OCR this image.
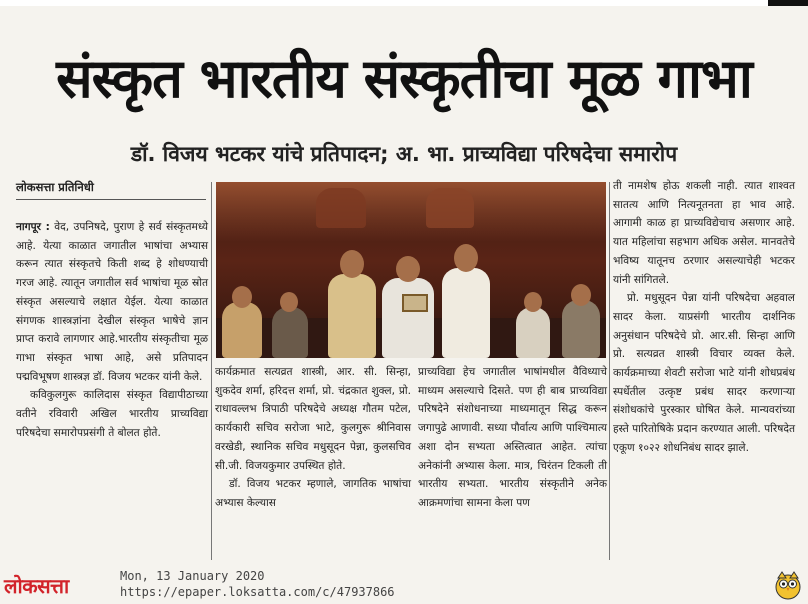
संस्कृत भारतीय संस्कृतीचा मूळ गाभा
डॉ. विजय भटकर यांचे प्रतिपादन; अ. भा. प्राच्यविद्या परिषदेचा समारोप
लोकसत्ता प्रतिनिधी

नागपूर : वेद, उपनिषदे, पुराण हे सर्व संस्कृतमध्ये आहे. येत्या काळात जगातील भाषांचा अभ्यास करून त्यात संस्कृतचे किती शब्द हे शोधण्याची गरज आहे. त्यातून जगातील सर्व भाषांचा मूळ स्रोत संस्कृत असल्याचे लक्षात येईल. येत्या काळात संगणक शास्त्रज्ञांना देखील संस्कृत भाषेचे ज्ञान प्राप्त करावे लागणार आहे.भारतीय संस्कृतीचा मूळ गाभा संस्कृत भाषा आहे, असे प्रतिपादन पद्मविभूषण शास्त्रज्ञ डॉ. विजय भटकर यांनी केले.

कविकुलगुरू कालिदास संस्कृत विद्यापीठाच्या वतीने रविवारी अखिल भारतीय प्राच्यविद्या परिषदेचा समारोपप्रसंगी ते बोलत होते.

कार्यक्रमात सत्यव्रत शास्त्री, आर. सी. सिन्हा, शुकदेव शर्मा, हरिदत्त शर्मा, प्रो. चंद्रकात शुक्ल, प्रो. राधावल्लभ त्रिपाठी परिषदेचे अध्यक्ष गौतम पटेल, कार्यकारी सचिव सरोजा भाटे, कुलगुरू श्रीनिवास वरखेडी, स्थानिक सचिव मधुसूदन पेन्ना, कुलसचिव सी.जी. विजयकुमार उपस्थित होते.

डॉ. विजय भटकर म्हणाले, जागतिक भाषांचा अभ्यास केल्यास

प्राच्यविद्या हेच जगातील भाषांमधील वैविध्याचे माध्यम असल्याचे दिसते. पण ही बाब प्राच्यविद्या परिषदेने संशोधनाच्या माध्यमातून सिद्ध करून जगापुढे आणावी. सध्या पौर्वात्य आणि पाश्चिमात्य अशा दोन सभ्यता अस्तित्वात आहेत. त्यांचा अनेकांनी अभ्यास केला. मात्र, चिरंतन टिकली ती भारतीय सभ्यता. भारतीय संस्कृतीने अनेक आक्रमणांचा सामना केला पण

ती नामशेष होऊ शकली नाही. त्यात शाश्वत सातत्य आणि नित्यनूतनता हा भाव आहे. आगामी काळ हा प्राच्यविद्येचाच असणार आहे. यात महिलांचा सहभाग अधिक असेल. मानवतेचे भविष्य यातूनच ठरणार असल्याचेही भटकर यांनी सांगितले.

प्रो. मधुसूदन पेन्ना यांनी परिषदेचा अहवाल सादर केला. याप्रसंगी भारतीय दार्शनिक अनुसंधान परिषदेचे प्रो. आर.सी. सिन्हा आणि प्रो. सत्यव्रत शास्त्री विचार व्यक्त केले. कार्यक्रमाच्या शेवटी सरोजा भाटे यांनी शोधप्रबंध स्पर्धेतील उत्कृष्ट प्रबंध सादर करणाऱ्या संशोधकांचे पुरस्कार घोषित केले. मान्यवरांच्या हस्ते पारितोषिके प्रदान करण्यात आली. परिषदेत एकूण १०२२ शोधनिबंध सादर झाले.

लोकसत्ता	Mon, 13 January 2020
https://epaper.loksatta.com/c/47937866
